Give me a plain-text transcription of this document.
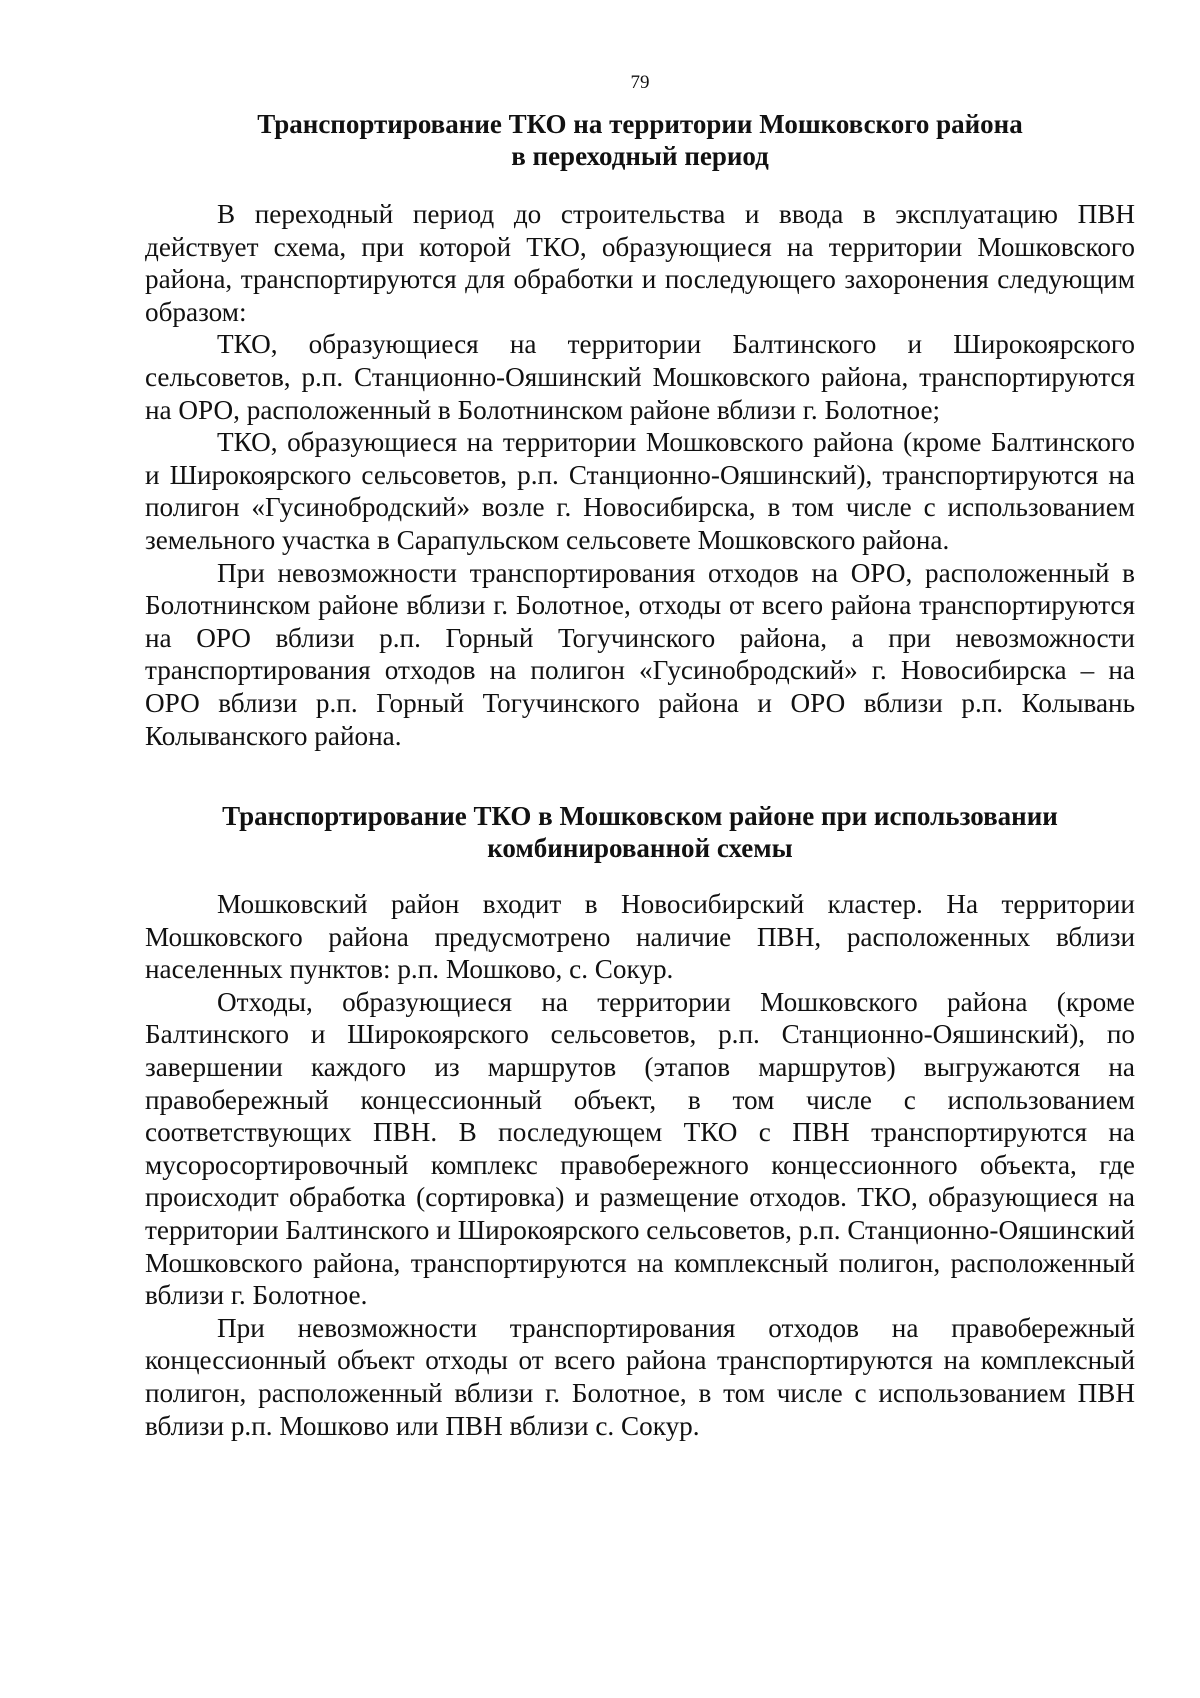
79
Транспортирование ТКО на территории Мошковского района
в переходный период

В переходный период до строительства и ввода в эксплуатацию ПВН действует схема, при которой ТКО, образующиеся на территории Мошковского района, транспортируются для обработки и последующего захоронения следующим образом:

ТКО, образующиеся на территории Балтинского и Широкоярского сельсоветов, р.п. Станционно-Ояшинский Мошковского района, транспортируются на ОРО, расположенный в Болотнинском районе вблизи г. Болотное;

ТКО, образующиеся на территории Мошковского района (кроме Балтинского и Широкоярского сельсоветов, р.п. Станционно-Ояшинский), транспортируются на полигон «Гусинобродский» возле г. Новосибирска, в том числе с использованием земельного участка в Сарапульском сельсовете Мошковского района.

При невозможности транспортирования отходов на ОРО, расположенный в Болотнинском районе вблизи г. Болотное, отходы от всего района транспортируются на ОРО вблизи р.п. Горный Тогучинского района, а при невозможности транспортирования отходов на полигон «Гусинобродский» г. Новосибирска – на ОРО вблизи р.п. Горный Тогучинского района и ОРО вблизи р.п. Колывань Колыванского района.

Транспортирование ТКО в Мошковском районе при использовании
комбинированной схемы

Мошковский район входит в Новосибирский кластер. На территории Мошковского района предусмотрено наличие ПВН, расположенных вблизи населенных пунктов: р.п. Мошково, с. Сокур.

Отходы, образующиеся на территории Мошковского района (кроме Балтинского и Широкоярского сельсоветов, р.п. Станционно-Ояшинский), по завершении каждого из маршрутов (этапов маршрутов) выгружаются на правобережный концессионный объект, в том числе с использованием соответствующих ПВН. В последующем ТКО с ПВН транспортируются на мусоросортировочный комплекс правобережного концессионного объекта, где происходит обработка (сортировка) и размещение отходов. ТКО, образующиеся на территории Балтинского и Широкоярского сельсоветов, р.п. Станционно-Ояшинский Мошковского района, транспортируются на комплексный полигон, расположенный вблизи г. Болотное.

При невозможности транспортирования отходов на правобережный концессионный объект отходы от всего района транспортируются на комплексный полигон, расположенный вблизи г. Болотное, в том числе с использованием ПВН вблизи р.п. Мошково или ПВН вблизи с. Сокур.
